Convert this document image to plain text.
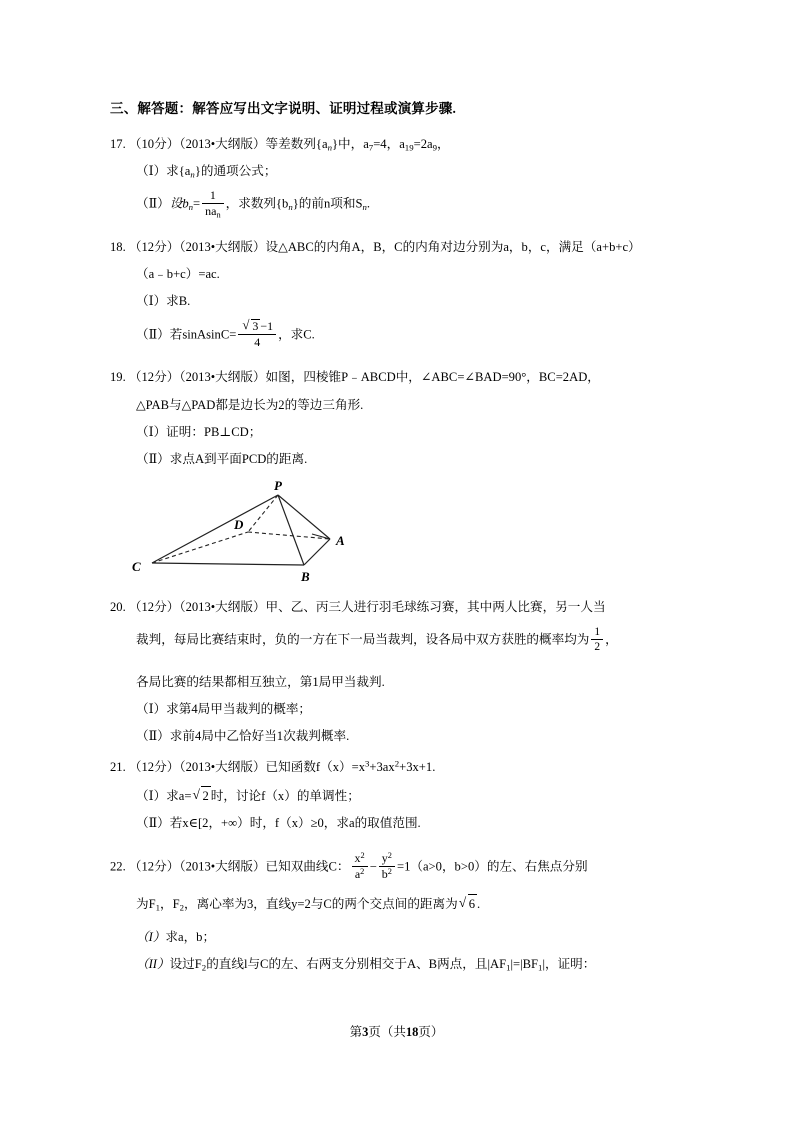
三、解答题：解答应写出文字说明、证明过程或演算步骤.
17. （10分）（2013•大纲版）等差数列$\{a_n\}$中，$a_7=4$，$a_{19}=2a_9$，
（Ⅰ）求$\{a_n\}$的通项公式；
（Ⅱ）设$b_n= \frac{1}{na_n}$ ，求数列$\{b_n\}$的前n项和$S_n$.
18. （12分）（2013•大纲版）设△ABC的内角A，B，C的内角对边分别为a，b，c，满足（a+b+c）
（a﹣b+c）=ac.
（Ⅰ）求B.
（Ⅱ）若sinAsinC= √ $\frac{3 -1}{4}$ ，求C.
19. （12分）（2013•大纲版）如图，四棱锥P﹣ABCD中，∠ABC=∠BAD=90°，BC=2AD，
△PAB与△PAD都是边长为2的等边三角形.
（Ⅰ）证明：PB⊥CD；
（Ⅱ）求点A到平面PCD的距离.
P
A
B
C
D
20. （12分）（2013•大纲版）甲、乙、丙三人进行羽毛球练习赛，其中两人比赛，另一人当
裁判，每局比赛结束时，负的一方在下一局当裁判，设各局中双方获胜的概率均为 $\frac{1}{2}$ ，
各局比赛的结果都相互独立，第1局甲当裁判.
（Ⅰ）求第4局甲当裁判的概率；
（Ⅱ）求前4局中乙恰好当1次裁判概率.
21. （12分）（2013•大纲版）已知函数$f(x)=x^3+3ax^2+3x+1$.
（Ⅰ）求a= √ 2 时，讨论f（x）的单调性；
（Ⅱ）若x∈[2，+∞）时，f（x）≥0，求a的取值范围.
22. （12分）（2013•大纲版）已知双曲线C： $\frac{x^2}{a^2} - \frac{y^2}{b^2} =1(a>0$，b>0）的左、右焦点分别
为$F_1$，$F_2$，离心率为3，直线y=2与C的两个交点间的距离为 √ 6 .
（I）求a，b；
（II）设过$F_2$的直线l与C的左、右两支分别相交于A、B两点，且$|AF_1|=|BF_1|$，证明：
第3页（共18页）
